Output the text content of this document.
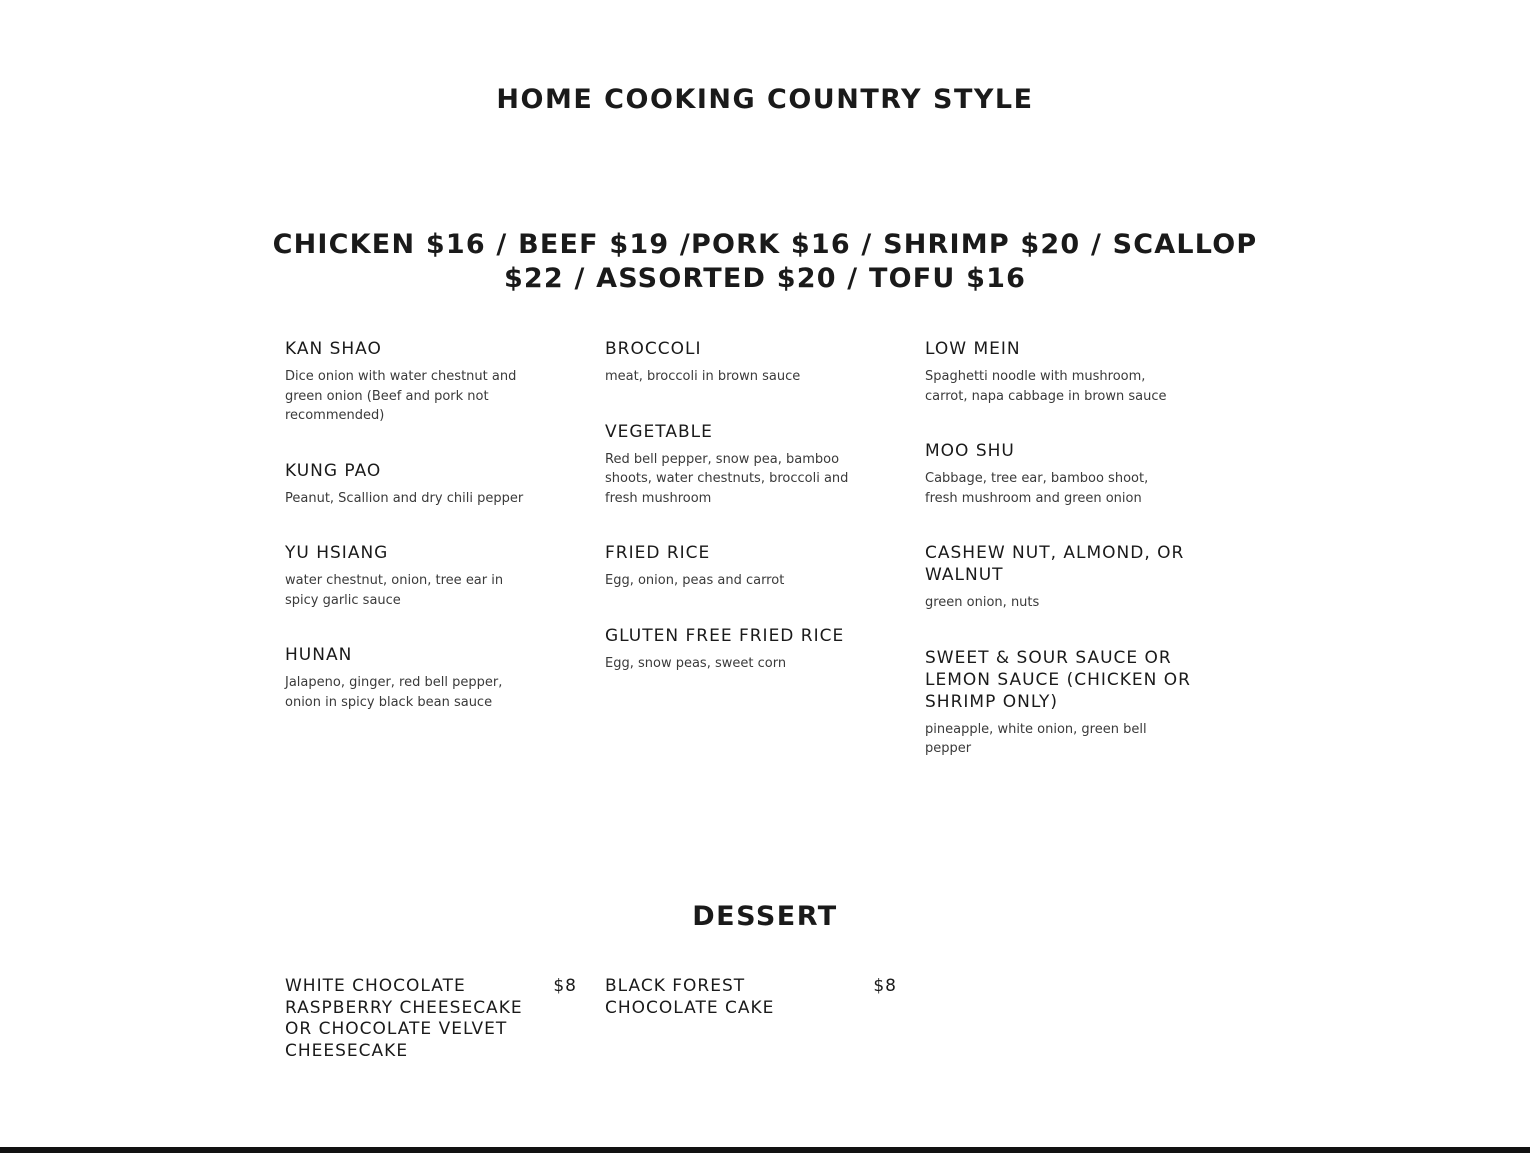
HOME COOKING COUNTRY STYLE
CHICKEN $16 / BEEF $19 /PORK $16 / SHRIMP $20 / SCALLOP $22 / ASSORTED $20 / TOFU $16
KAN SHAO
Dice onion with water chestnut and green onion (Beef and pork not recommended)
KUNG PAO
Peanut, Scallion and dry chili pepper
YU HSIANG
water chestnut, onion, tree ear in spicy garlic sauce
HUNAN
Jalapeno, ginger, red bell pepper, onion in spicy black bean sauce
BROCCOLI
meat, broccoli in brown sauce
VEGETABLE
Red bell pepper, snow pea, bamboo shoots, water chestnuts, broccoli and fresh mushroom
FRIED RICE
Egg, onion, peas and carrot
GLUTEN FREE FRIED RICE
Egg, snow peas, sweet corn
LOW MEIN
Spaghetti noodle with mushroom, carrot, napa cabbage in brown sauce
MOO SHU
Cabbage, tree ear, bamboo shoot, fresh mushroom and green onion
CASHEW NUT, ALMOND, OR WALNUT
green onion, nuts
SWEET & SOUR SAUCE OR LEMON SAUCE (CHICKEN OR SHRIMP ONLY)
pineapple, white onion, green bell pepper
DESSERT
WHITE CHOCOLATE RASPBERRY CHEESECAKE OR CHOCOLATE VELVET CHEESECAKE
$8 BLACK FOREST CHOCOLATE CAKE
$8
